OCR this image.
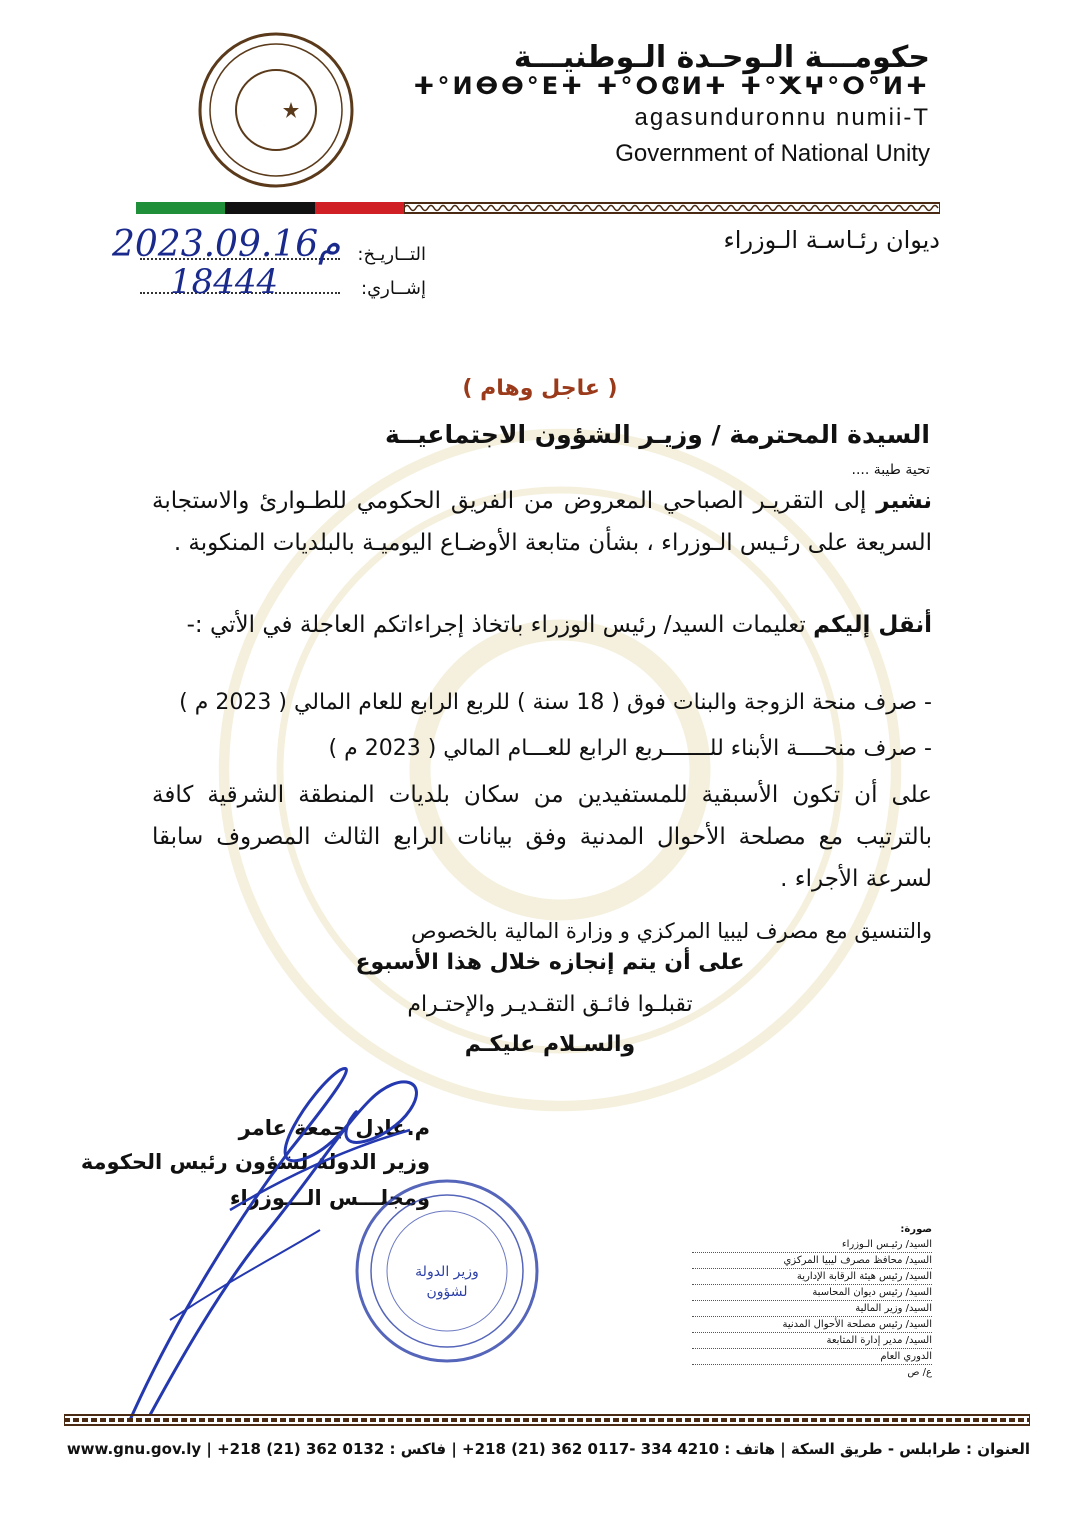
حكومـــة الـوحـدة الـوطنيـــة
ⵜ°ⵍⴱⴱ°ⴹⵜ ⵜ°ⵔⵛⵍⵜ ⵜ°ⵅⵖ°ⵔ°ⵍⵜ
agasunduronnu numii-T
Government of National Unity
ديوان رئـاسـة الـوزراء
التــاريـخ:
إشــاري:
2023.09.16م
18444
( عاجل وهام )
السيدة المحترمة / وزيـر الشؤون الاجتماعيــة
تحية طيبة ....
نشير إلى التقريـر الصباحي المعروض من الفريق الحكومي للطـوارئ والاستجابة السريعة على رئـيس الـوزراء ، بشأن متابعة الأوضـاع اليوميـة بالبلديات المنكوبة .
أنقل إليكم تعليمات السيد/ رئيس الوزراء باتخاذ إجراءاتكم العاجلة في الأتي :-
- صرف منحة الزوجة والبنات فوق ( 18 سنة ) للربع الرابع للعام المالي ( 2023 م )
- صرف منحــــة الأبناء للـــــــربع الرابع للعـــام المالي ( 2023 م )
على أن تكون الأسبقية للمستفيدين من سكان بلديات المنطقة الشرقية كافة بالترتيب مع مصلحة الأحوال المدنية وفق بيانات الرابع الثالث المصروف سابقا لسرعة الأجراء .
والتنسيق مع مصرف ليبيا المركزي و وزارة المالية بالخصوص
على أن يتم إنجازه خلال هذا الأسبوع
تقبلـوا فائـق التقـديـر والإحتـرام
والسـلام عليكـم
م.عادل جمعة عامر
وزير الدولة لشؤون رئيس الحكومة
ومجلـــس الـــوزراء
وزير الدولة
لشؤون
صورة:
السيد/ رئيـس الـوزراء
السيد/ محافظ مصرف ليبيا المركزي
السيد/ رئيس هيئة الرقابة الإدارية
السيد/ رئيس ديوان المحاسبة
السيد/ وزير المالية
السيد/ رئيس مصلحة الأحوال المدنية
السيد/ مدير إدارة المتابعة
الدوري العام
ع/ ص
العنوان : طرابلس - طريق السكة | هاتف : 4210 334 -0117 362 (21) 218+ | فاكس : 0132 362 (21) 218+ | www.gnu.gov.ly
